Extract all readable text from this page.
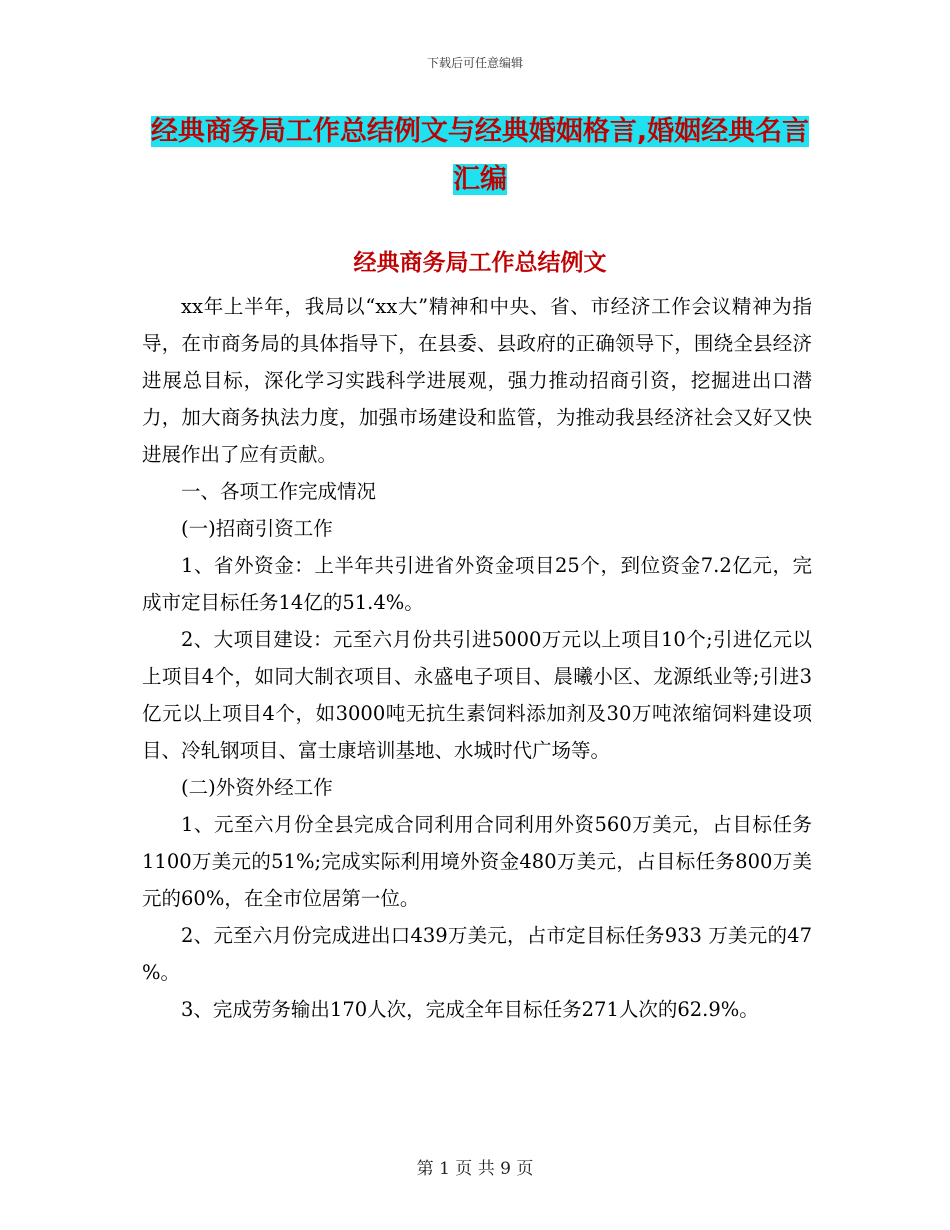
下载后可任意编辑
经典商务局工作总结例文与经典婚姻格言,婚姻经典名言汇编
经典商务局工作总结例文

xx年上半年，我局以“xx大”精神和中央、省、市经济工作会议精神为指导，在市商务局的具体指导下，在县委、县政府的正确领导下，围绕全县经济进展总目标，深化学习实践科学进展观，强力推动招商引资，挖掘进出口潜力，加大商务执法力度，加强市场建设和监管，为推动我县经济社会又好又快进展作出了应有贡献。

一、各项工作完成情况

(一)招商引资工作

1、省外资金：上半年共引进省外资金项目25个，到位资金7.2亿元，完成市定目标任务14亿的51.4%。

2、大项目建设：元至六月份共引进5000万元以上项目10个;引进亿元以上项目4个，如同大制衣项目、永盛电子项目、晨曦小区、龙源纸业等;引进3亿元以上项目4个，如3000吨无抗生素饲料添加剂及30万吨浓缩饲料建设项目、冷轧钢项目、富士康培训基地、水城时代广场等。

(二)外资外经工作

1、元至六月份全县完成合同利用合同利用外资560万美元，占目标任务1100万美元的51%;完成实际利用境外资金480万美元，占目标任务800万美元的60%，在全市位居第一位。

2、元至六月份完成进出口439万美元，占市定目标任务933 万美元的47 %。

3、完成劳务输出170人次，完成全年目标任务271人次的62.9%。

第 1 页 共 9 页
